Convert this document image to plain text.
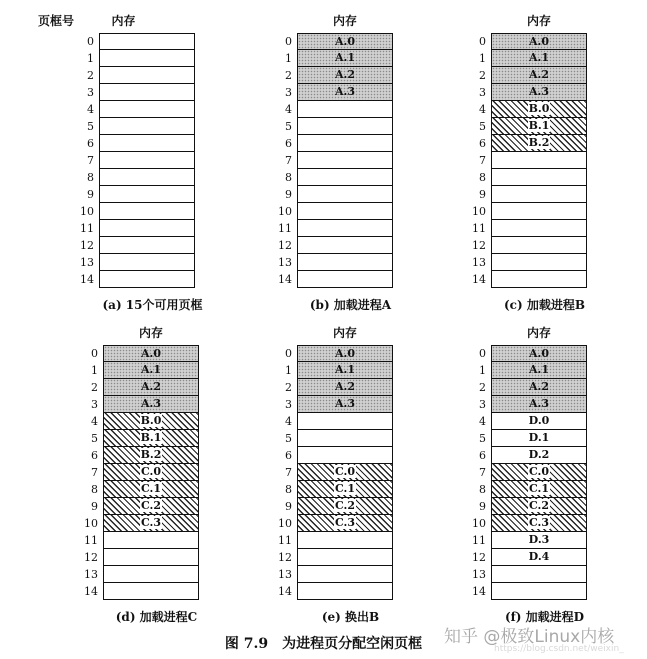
页框号	内存
0
1
2
3
4
5
6
7
8
9
10
11
12
13
14
(a) 15个可用页框
内存
0	A.0
1	A.1
2	A.2
3	A.3
4
5
6
7
8
9
10
11
12
13
14
(b) 加载进程A
内存
0	A.0
1	A.1
2	A.2
3	A.3
4	B.0
5	B.1
6	B.2
7
8
9
10
11
12
13
14
(c) 加载进程B
内存
0	A.0
1	A.1
2	A.2
3	A.3
4	B.0
5	B.1
6	B.2
7	C.0
8	C.1
9	C.2
10	C.3
11
12
13
14
(d) 加载进程C
内存
0	A.0
1	A.1
2	A.2
3	A.3
4
5
6
7	C.0
8	C.1
9	C.2
10	C.3
11
12
13
14
(e) 换出B
内存
0	A.0
1	A.1
2	A.2
3	A.3
4	D.0
5	D.1
6	D.2
7	C.0
8	C.1
9	C.2
10	C.3
11	D.3
12	D.4
13
14
(f) 加载进程D
图 7.9　为进程页分配空闲页框	知乎 @极致Linux内核
https://blog.csdn.net/weixin_
